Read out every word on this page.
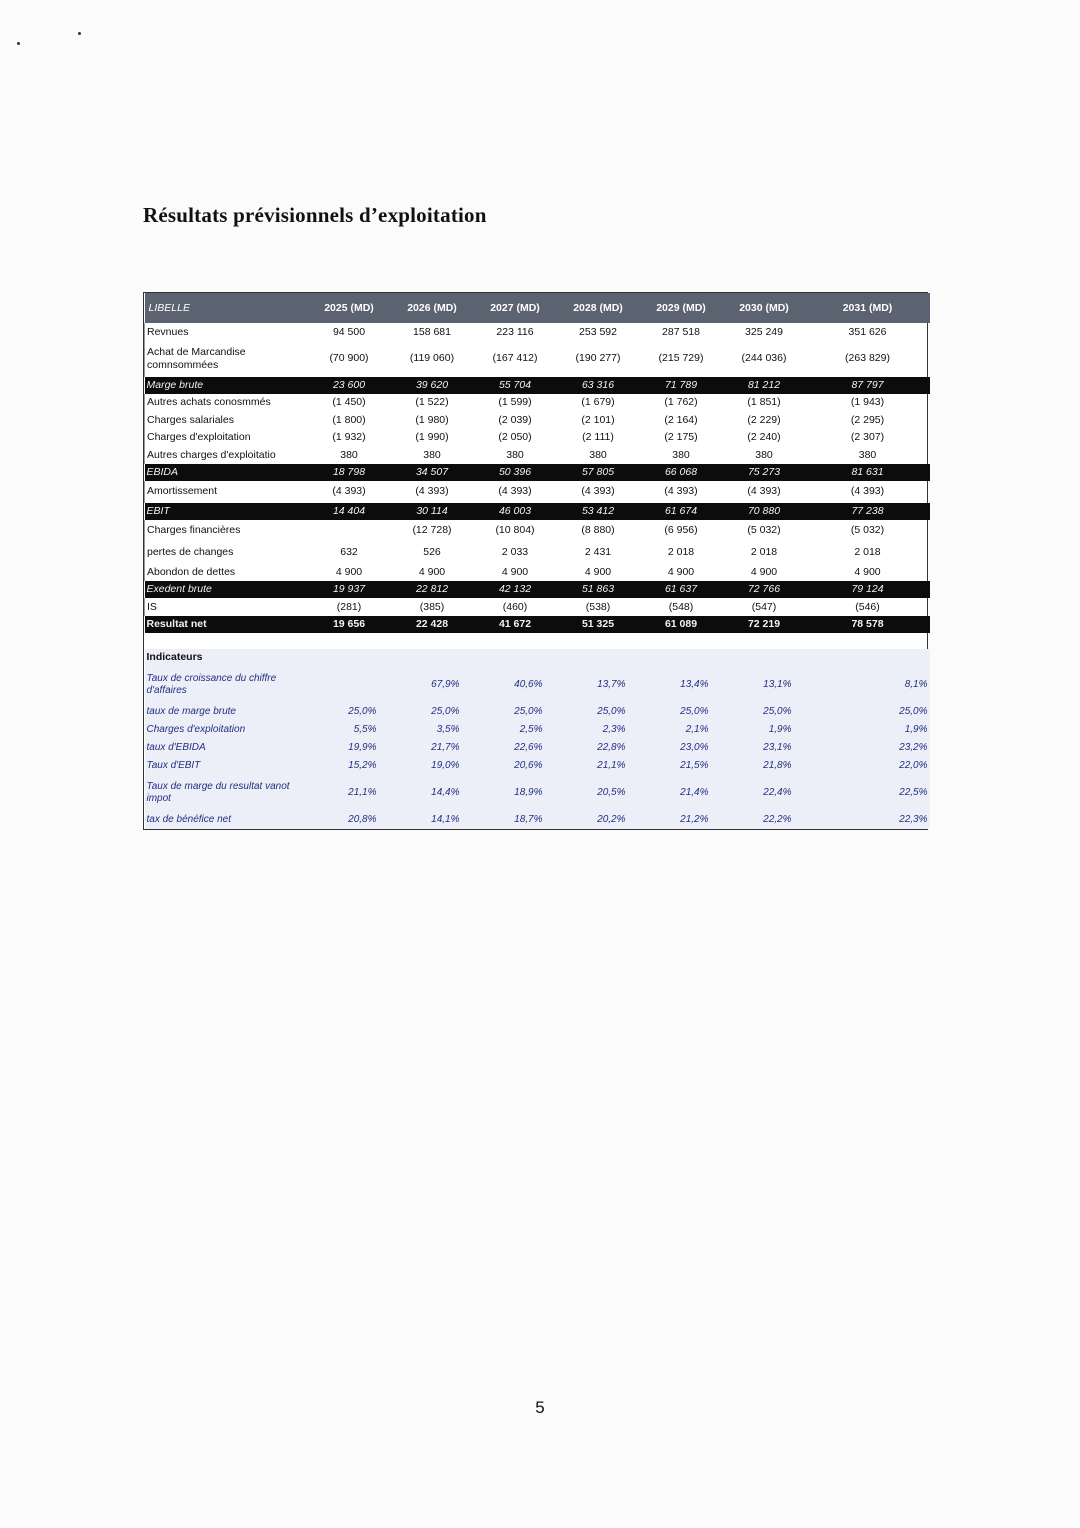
Résultats prévisionnels d’exploitation
LIBELLE	2025 (MD)	2026 (MD)	2027 (MD)	2028 (MD)	2029 (MD)	2030 (MD)	2031 (MD)
Revnues	94 500	158 681	223 116	253 592	287 518	325 249	351 626
Achat de Marcandise comnsommées	(70 900)	(119 060)	(167 412)	(190 277)	(215 729)	(244 036)	(263 829)
Marge brute	23 600	39 620	55 704	63 316	71 789	81 212	87 797
Autres achats conosmmés	(1 450)	(1 522)	(1 599)	(1 679)	(1 762)	(1 851)	(1 943)
Charges salariales	(1 800)	(1 980)	(2 039)	(2 101)	(2 164)	(2 229)	(2 295)
Charges d'exploitation	(1 932)	(1 990)	(2 050)	(2 111)	(2 175)	(2 240)	(2 307)
Autres charges d'exploitatio	380	380	380	380	380	380	380
EBIDA	18 798	34 507	50 396	57 805	66 068	75 273	81 631
Amortissement	(4 393)	(4 393)	(4 393)	(4 393)	(4 393)	(4 393)	(4 393)
EBIT	14 404	30 114	46 003	53 412	61 674	70 880	77 238
Charges financières		(12 728)	(10 804)	(8 880)	(6 956)	(5 032)	(5 032)
pertes de changes	632	526	2 033	2 431	2 018	2 018	2 018
Abondon de dettes	4 900	4 900	4 900	4 900	4 900	4 900	4 900
Exedent brute	19 937	22 812	42 132	51 863	61 637	72 766	79 124
IS	(281)	(385)	(460)	(538)	(548)	(547)	(546)
Resultat net	19 656	22 428	41 672	51 325	61 089	72 219	78 578

Indicateurs							
Taux de croissance du chiffre d'affaires		67,9%	40,6%	13,7%	13,4%	13,1%	8,1%
taux de marge brute	25,0%	25,0%	25,0%	25,0%	25,0%	25,0%	25,0%
Charges d'exploitation	5,5%	3,5%	2,5%	2,3%	2,1%	1,9%	1,9%
taux d'EBIDA	19,9%	21,7%	22,6%	22,8%	23,0%	23,1%	23,2%
Taux d'EBIT	15,2%	19,0%	20,6%	21,1%	21,5%	21,8%	22,0%
Taux de marge du resultat vanot impot	21,1%	14,4%	18,9%	20,5%	21,4%	22,4%	22,5%
tax de bénéfice net	20,8%	14,1%	18,7%	20,2%	21,2%	22,2%	22,3%
5
